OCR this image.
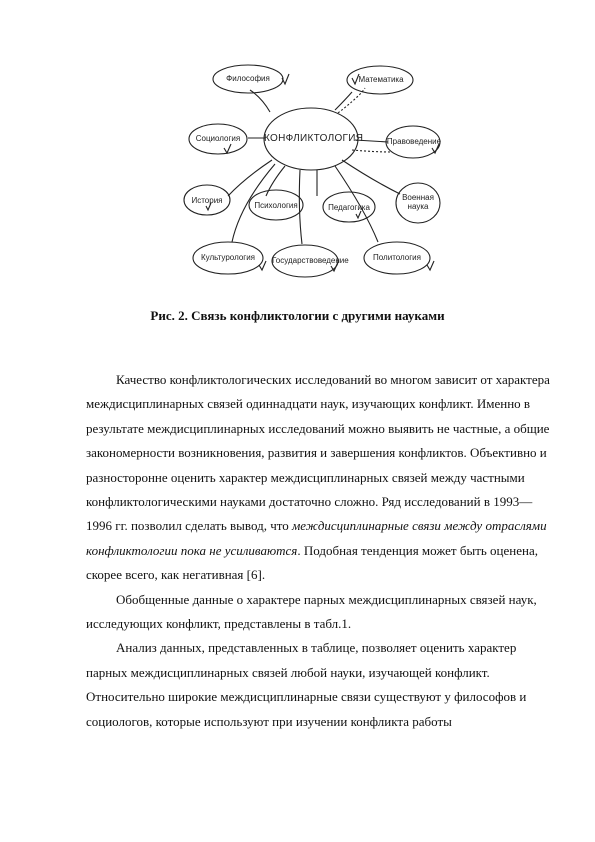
КОНФЛИКТОЛОГИЯ
Философия	Математика
Социология	Правоведение
История
Психология	Педагогика
Военная наука
Культурология	Государствоведение	Политология
Рис. 2. Связь конфликтологии с другими науками

Качество конфликтологических исследований во многом зависит от характера междисциплинарных связей одиннадцати наук, изучающих конфликт. Именно в результате междисциплинарных исследований можно выявить не частные, а общие закономерности возникновения, развития и завершения конфликтов. Объективно и разносторонне оценить характер междисциплинарных связей между частными конфликтологическими науками достаточно сложно. Ряд исследований в 1993— 1996 гг. позволил сделать вывод, что междисциплинарные связи между отраслями конфликтологии пока не усиливаются. Подобная тенденция может быть оценена, скорее всего, как негативная [6].

Обобщенные данные о характере парных междисциплинарных связей наук, исследующих конфликт, представлены в табл.1.

Анализ данных, представленных в таблице, позволяет оценить характер парных междисциплинарных связей любой науки, изучающей конфликт. Относительно широкие междисциплинарные связи существуют у философов и социологов, которые используют при изучении конфликта работы
